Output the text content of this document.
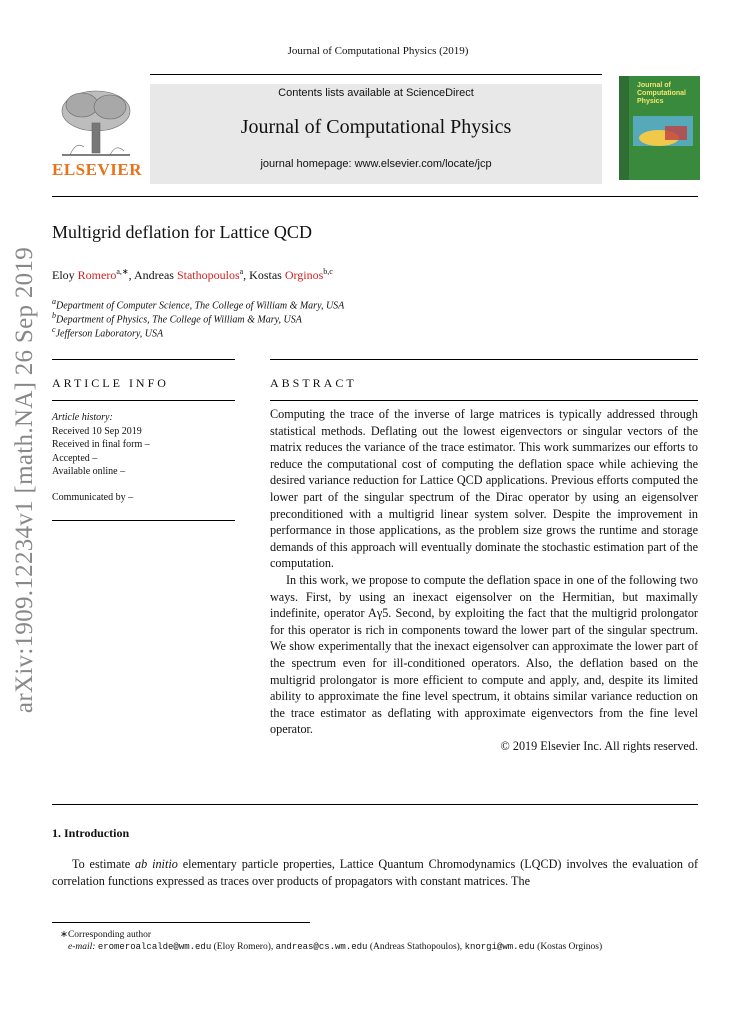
Journal of Computational Physics (2019)
ELSEVIER
Contents lists available at ScienceDirect
Journal of Computational Physics
journal homepage: www.elsevier.com/locate/jcp
Journal of Computational Physics
arXiv:1909.12234v1 [math.NA] 26 Sep 2019
Multigrid deflation for Lattice QCD
Eloy Romero$^{a,∗}$, Andreas Stathopoulos$^a$, Kostas Orginos$^{b,c}$
$^a$Department of Computer Science, The College of William & Mary, USA
$^b$Department of Physics, The College of William & Mary, USA
$^c$Jefferson Laboratory, USA
ARTICLE INFO
Article history:
Received 10 Sep 2019
Received in final form –
Accepted –
Available online –
Communicated by –
ABSTRACT

Computing the trace of the inverse of large matrices is typically addressed through statistical methods. Deflating out the lowest eigenvectors or singular vectors of the matrix reduces the variance of the trace estimator. This work summarizes our efforts to reduce the computational cost of computing the deflation space while achieving the desired variance reduction for Lattice QCD applications. Previous efforts computed the lower part of the singular spectrum of the Dirac operator by using an eigensolver preconditioned with a multigrid linear system solver. Despite the improvement in performance in those applications, as the problem size grows the runtime and storage demands of this approach will eventually dominate the stochastic estimation part of the computation.

In this work, we propose to compute the deflation space in one of the following two ways. First, by using an inexact eigensolver on the Hermitian, but maximally indefinite, operator Aγ5. Second, by exploiting the fact that the multigrid prolongator for this operator is rich in components toward the lower part of the singular spectrum. We show experimentally that the inexact eigensolver can approximate the lower part of the spectrum even for ill-conditioned operators. Also, the deflation based on the multigrid prolongator is more efficient to compute and apply, and, despite its limited ability to approximate the fine level spectrum, it obtains similar variance reduction on the trace estimator as deflating with approximate eigenvectors from the fine level operator.

© 2019 Elsevier Inc. All rights reserved.
1. Introduction
To estimate ab initio elementary particle properties, Lattice Quantum Chromodynamics (LQCD) involves the evaluation of correlation functions expressed as traces over products of propagators with constant matrices. The
∗Corresponding author
e-mail: eromeroalcalde@wm.edu (Eloy Romero), andreas@cs.wm.edu (Andreas Stathopoulos), knorgi@wm.edu (Kostas Orginos)
